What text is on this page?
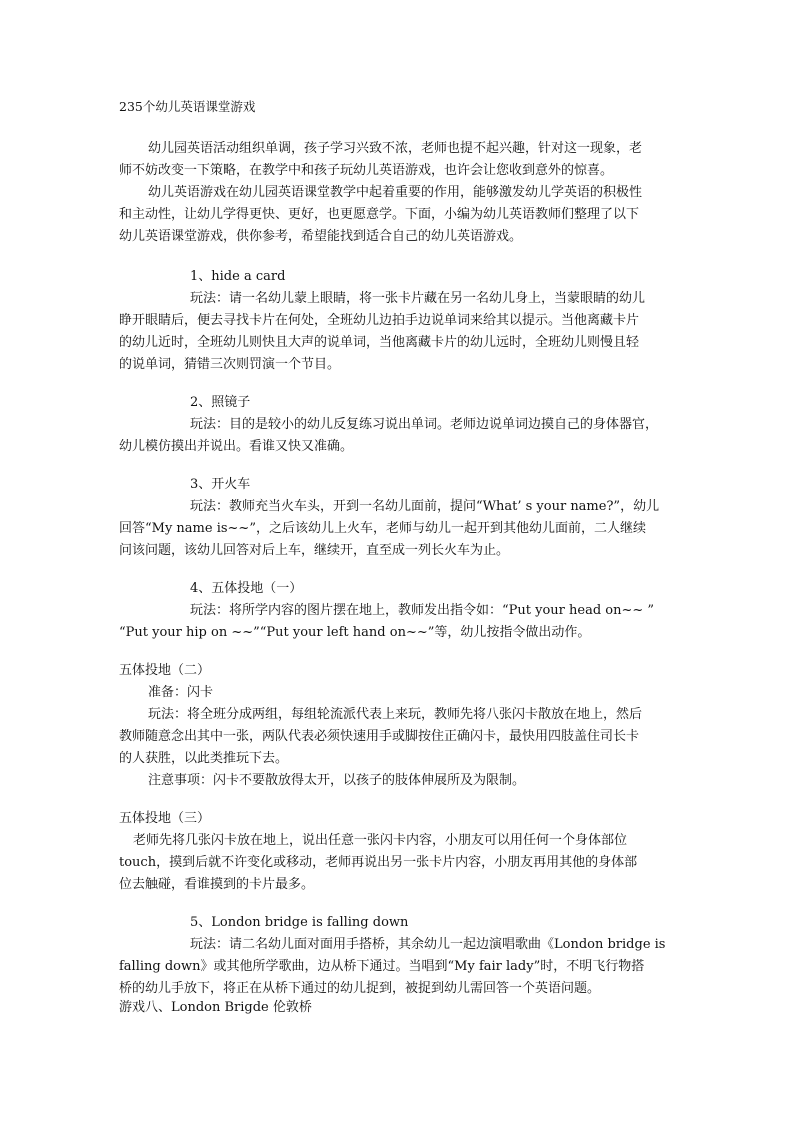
235个幼儿英语课堂游戏
幼儿园英语活动组织单调，孩子学习兴致不浓，老师也提不起兴趣，针对这一现象，老
师不妨改变一下策略，在教学中和孩子玩幼儿英语游戏，也许会让您收到意外的惊喜。
幼儿英语游戏在幼儿园英语课堂教学中起着重要的作用，能够激发幼儿学英语的积极性
和主动性，让幼儿学得更快、更好，也更愿意学。下面，小编为幼儿英语教师们整理了以下
幼儿英语课堂游戏，供你参考，希望能找到适合自己的幼儿英语游戏。
1、hide a card
玩法：请一名幼儿蒙上眼睛，将一张卡片藏在另一名幼儿身上，当蒙眼睛的幼儿
睁开眼睛后，便去寻找卡片在何处，全班幼儿边拍手边说单词来给其以提示。当他离藏卡片
的幼儿近时，全班幼儿则快且大声的说单词，当他离藏卡片的幼儿远时，全班幼儿则慢且轻
的说单词，猜错三次则罚演一个节目。
2、照镜子
玩法：目的是较小的幼儿反复练习说出单词。老师边说单词边摸自己的身体器官，
幼儿模仿摸出并说出。看谁又快又准确。
3、开火车
玩法：教师充当火车头，开到一名幼儿面前，提问“What’ s your name?”，幼儿
回答“My name is~~”，之后该幼儿上火车，老师与幼儿一起开到其他幼儿面前，二人继续
问该问题，该幼儿回答对后上车，继续开，直至成一列长火车为止。
4、五体投地（一）
玩法：将所学内容的图片摆在地上，教师发出指令如：“Put your head on~~ ”
“Put your hip on ~~”“Put your left hand on~~”等，幼儿按指令做出动作。
五体投地（二）
准备：闪卡
玩法：将全班分成两组，每组轮流派代表上来玩，教师先将八张闪卡散放在地上，然后
教师随意念出其中一张，两队代表必须快速用手或脚按住正确闪卡，最快用四肢盖住司长卡
的人获胜，以此类推玩下去。
注意事项：闪卡不要散放得太开，以孩子的肢体伸展所及为限制。
五体投地（三）
老师先将几张闪卡放在地上，说出任意一张闪卡内容，小朋友可以用任何一个身体部位
touch，摸到后就不许变化或移动，老师再说出另一张卡片内容，小朋友再用其他的身体部
位去触碰，看谁摸到的卡片最多。
5、London bridge is falling down
玩法：请二名幼儿面对面用手搭桥，其余幼儿一起边演唱歌曲《London bridge is
falling down》或其他所学歌曲，边从桥下通过。当唱到“My fair lady”时，不明飞行物搭
桥的幼儿手放下，将正在从桥下通过的幼儿捉到，被捉到幼儿需回答一个英语问题。
游戏八、London Brigde 伦敦桥
